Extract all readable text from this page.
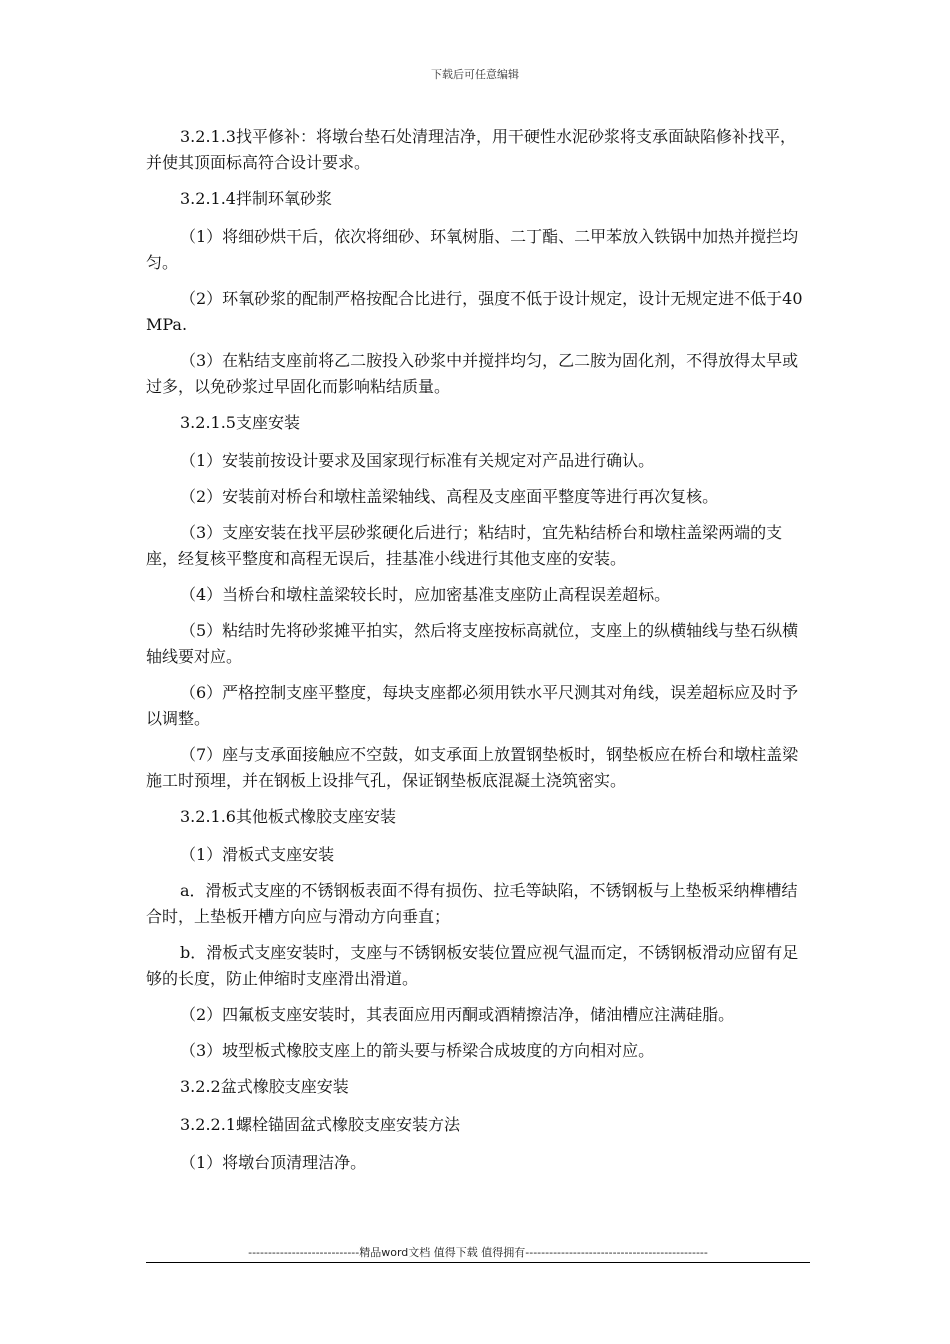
下载后可任意编辑

3.2.1.3找平修补：将墩台垫石处清理洁净，用干硬性水泥砂浆将支承面缺陷修补找平，并使其顶面标高符合设计要求。

3.2.1.4拌制环氧砂浆

（1）将细砂烘干后，依次将细砂、环氧树脂、二丁酯、二甲苯放入铁锅中加热并搅拦均匀。

（2）环氧砂浆的配制严格按配合比进行，强度不低于设计规定，设计无规定进不低于40MPa.

（3）在粘结支座前将乙二胺投入砂浆中并搅拌均匀，乙二胺为固化剂，不得放得太早或过多，以免砂浆过早固化而影响粘结质量。

3.2.1.5支座安装

（1）安装前按设计要求及国家现行标准有关规定对产品进行确认。

（2）安装前对桥台和墩柱盖梁轴线、高程及支座面平整度等进行再次复核。

（3）支座安装在找平层砂浆硬化后进行；粘结时，宜先粘结桥台和墩柱盖梁两端的支座，经复核平整度和高程无误后，挂基准小线进行其他支座的安装。

（4）当桥台和墩柱盖梁较长时，应加密基准支座防止高程误差超标。

（5）粘结时先将砂浆摊平拍实，然后将支座按标高就位，支座上的纵横轴线与垫石纵横轴线要对应。

（6）严格控制支座平整度，每块支座都必须用铁水平尺测其对角线，误差超标应及时予以调整。

（7）座与支承面接触应不空鼓，如支承面上放置钢垫板时，钢垫板应在桥台和墩柱盖梁施工时预埋，并在钢板上设排气孔，保证钢垫板底混凝土浇筑密实。

3.2.1.6其他板式橡胶支座安装

（1）滑板式支座安装

a．滑板式支座的不锈钢板表面不得有损伤、拉毛等缺陷，不锈钢板与上垫板采纳榫槽结合时，上垫板开槽方向应与滑动方向垂直；

b．滑板式支座安装时，支座与不锈钢板安装位置应视气温而定，不锈钢板滑动应留有足够的长度，防止伸缩时支座滑出滑道。

（2）四氟板支座安装时，其表面应用丙酮或酒精擦洁净，储油槽应注满硅脂。

（3）坡型板式橡胶支座上的箭头要与桥梁合成坡度的方向相对应。

3.2.2盆式橡胶支座安装

3.2.2.1螺栓锚固盆式橡胶支座安装方法

（1）将墩台顶清理洁净。

----------------------------精品word文档 值得下载 值得拥有----------------------------------------------
